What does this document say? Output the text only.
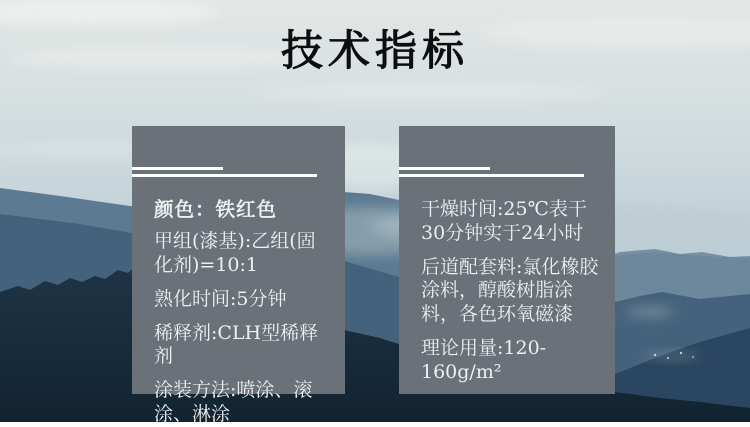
技术指标

颜色：铁红色

甲组(漆基):乙组(固化剂)=10:1

熟化时间:5分钟

稀释剂:CLH型稀释剂

涂装方法:喷涂、滚涂、淋涂

干燥时间:25℃表干30分钟实于24小时

后道配套料:氯化橡胶涂料，醇酸树脂涂料，各色环氧磁漆

理论用量:120-160g/m²
